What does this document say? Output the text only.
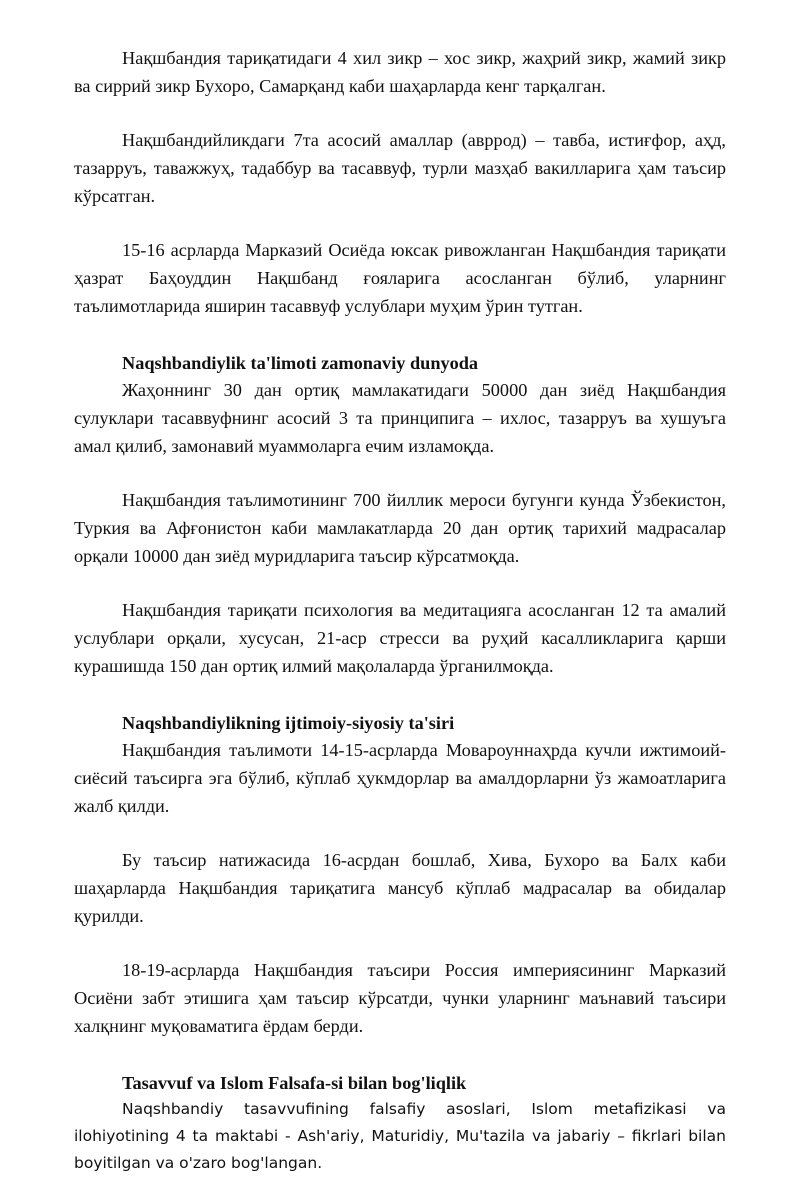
Нақшбандия тариқатидаги 4 хил зикр – хос зикр, жаҳрий зикр, жамий зикр ва сиррий зикр Бухоро, Самарқанд каби шаҳарларда кенг тарқалган.

Нақшбандийликдаги 7та асосий амаллар (авррод) – тавба, истиғфор, аҳд, тазарруъ, таважжуҳ, тадаббур ва тасаввуф, турли мазҳаб вакилларига ҳам таъсир кўрсатган.

15-16 асрларда Марказий Осиёда юксак ривожланган Нақшбандия тариқати ҳазрат Баҳоуддин Нақшбанд ғояларига асосланган бўлиб, уларнинг таълимотларида яширин тасаввуф услублари муҳим ўрин тутган.

Naqshbandiylik ta'limoti zamonaviy dunyoda

Жаҳоннинг 30 дан ортиқ мамлакатидаги 50000 дан зиёд Нақшбандия сулуклари тасаввуфнинг асосий 3 та принципига – ихлос, тазарруъ ва хушуъга амал қилиб, замонавий муаммоларга ечим изламоқда.

Нақшбандия таълимотининг 700 йиллик мероси бугунги кунда Ўзбекистон, Туркия ва Афғонистон каби мамлакатларда 20 дан ортиқ тарихий мадрасалар орқали 10000 дан зиёд муридларига таъсир кўрсатмоқда.

Нақшбандия тариқати психология ва медитацияга асосланган 12 та амалий услублари орқали, хусусан, 21-аср стресси ва руҳий касалликларига қарши курашишда 150 дан ортиқ илмий мақолаларда ўрганилмоқда.

Naqshbandiylikning ijtimoiy-siyosiy ta'siri

Нақшбандия таълимоти 14-15-асрларда Мовароуннаҳрда кучли ижтимоий-сиёсий таъсирга эга бўлиб, кўплаб ҳукмдорлар ва амалдорларни ўз жамоатларига жалб қилди.

Бу таъсир натижасида 16-асрдан бошлаб, Хива, Бухоро ва Балх каби шаҳарларда Нақшбандия тариқатига мансуб кўплаб мадрасалар ва обидалар қурилди.

18-19-асрларда Нақшбандия таъсири Россия империясининг Марказий Осиёни забт этишига ҳам таъсир кўрсатди, чунки уларнинг маънавий таъсири халқнинг муқоваматига ёрдам берди.

Tasavvuf va Islom Falsafa-si bilan bog'liqlik

Naqshbandiy tasavvufining falsafiy asoslari, Islom metafizikasi va ilohiyotining 4 ta maktabi - Ash'ariy, Maturidiy, Mu'tazila va jabariy – fikrlari bilan boyitilgan va o'zaro bog'langan.
